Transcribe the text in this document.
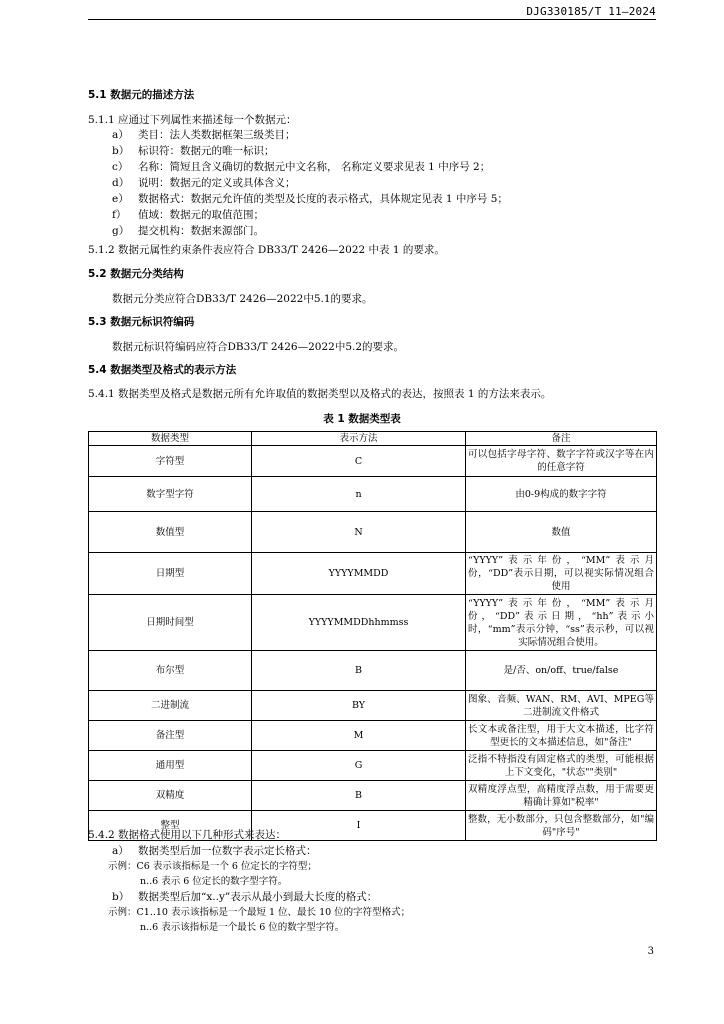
DJG330185/T 11—2024
5.1 数据元的描述方法
5.1.1 应通过下列属性来描述每一个数据元：
a） 类目：法人类数据框架三级类目；
b） 标识符：数据元的唯一标识；
c） 名称：简短且含义确切的数据元中文名称， 名称定义要求见表 1 中序号 2；
d） 说明：数据元的定义或具体含义；
e） 数据格式：数据元允许值的类型及长度的表示格式，具体规定见表 1 中序号 5；
f） 值域：数据元的取值范围；
g） 提交机构：数据来源部门。
5.1.2 数据元属性约束条件表应符合 DB33/T 2426—2022 中表 1 的要求。
5.2 数据元分类结构
数据元分类应符合DB33/T 2426—2022中5.1的要求。
5.3 数据元标识符编码
数据元标识符编码应符合DB33/T 2426—2022中5.2的要求。
5.4 数据类型及格式的表示方法
5.4.1 数据类型及格式是数据元所有允许取值的数据类型以及格式的表达，按照表 1 的方法来表示。
表 1 数据类型表
数据类型	表示方法	备注
字符型	C	可以包括字母字符、数字字符或汉字等在内的任意字符
数字型字符	n	由0-9构成的数字字符
数值型	N	数值
日期型	YYYYMMDD	“YYYY”表示年份，“MM”表示月份，“DD”表示日期，可以视实际情况组合使用
日期时间型	YYYYMMDDhhmmss	“YYYY”表示年份，“MM”表示月份，“DD”表示日期，“hh”表示小时，“mm”表示分钟，“ss”表示秒，可以视实际情况组合使用。
布尔型	B	是/否、on/off、true/false
二进制流	BY	图象、音频、WAN、RM、AVI、MPEG等二进制流文件格式
备注型	M	长文本或备注型，用于大文本描述，比字符型更长的文本描述信息，如"备注"
通用型	G	泛指不特指没有固定格式的类型，可能根据上下文变化，"状态""类别"
双精度	B	双精度浮点型，高精度浮点数，用于需要更精确计算如"税率"
整型	I	整数，无小数部分，只包含整数部分，如"编码"序号"
5.4.2 数据格式使用以下几种形式来表达：
a） 数据类型后加一位数字表示定长格式：
示例：C6 表示该指标是一个 6 位定长的字符型；
n..6 表示 6 位定长的数字型字符。
b） 数据类型后加“x..y”表示从最小到最大长度的格式：
示例：C1..10 表示该指标是一个最短 1 位、最长 10 位的字符型格式；
n..6 表示该指标是一个最长 6 位的数字型字符。
3
